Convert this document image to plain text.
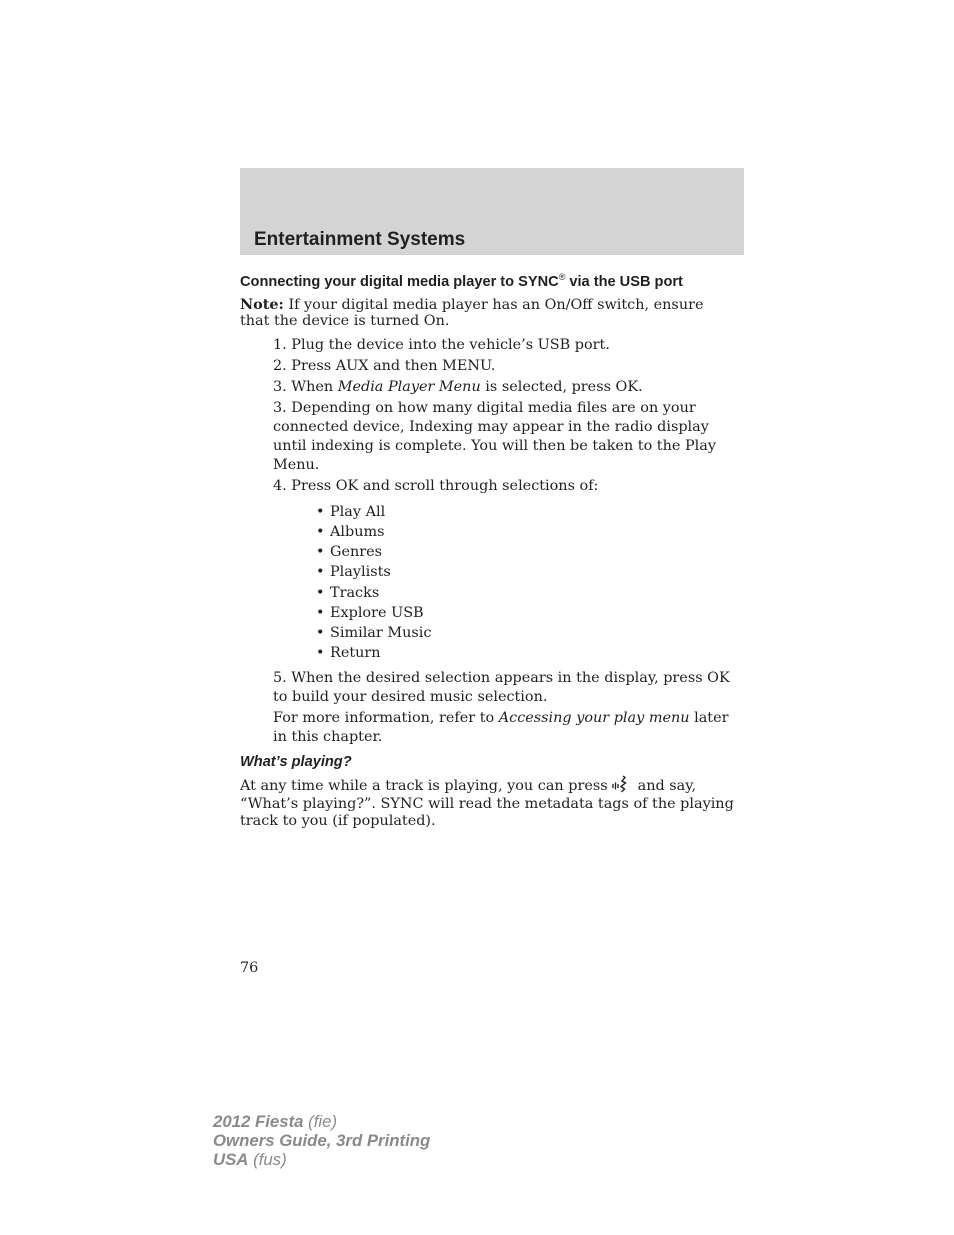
Entertainment Systems
Connecting your digital media player to SYNC® via the USB port

Note: If your digital media player has an On/Off switch, ensure that the device is turned On.

1. Plug the device into the vehicle’s USB port.

2. Press AUX and then MENU.

3. When Media Player Menu is selected, press OK.

3. Depending on how many digital media files are on your connected device, Indexing may appear in the radio display until indexing is complete. You will then be taken to the Play Menu.

4. Press OK and scroll through selections of:

• Play All
• Albums
• Genres
• Playlists
• Tracks
• Explore USB
• Similar Music
• Return

5. When the desired selection appears in the display, press OK to build your desired music selection.

For more information, refer to Accessing your play menu later in this chapter.

What’s playing?

At any time while a track is playing, you can press and say, “What’s playing?”. SYNC will read the metadata tags of the playing track to you (if populated).

76
2012 Fiesta (fie)
Owners Guide, 3rd Printing
USA (fus)
